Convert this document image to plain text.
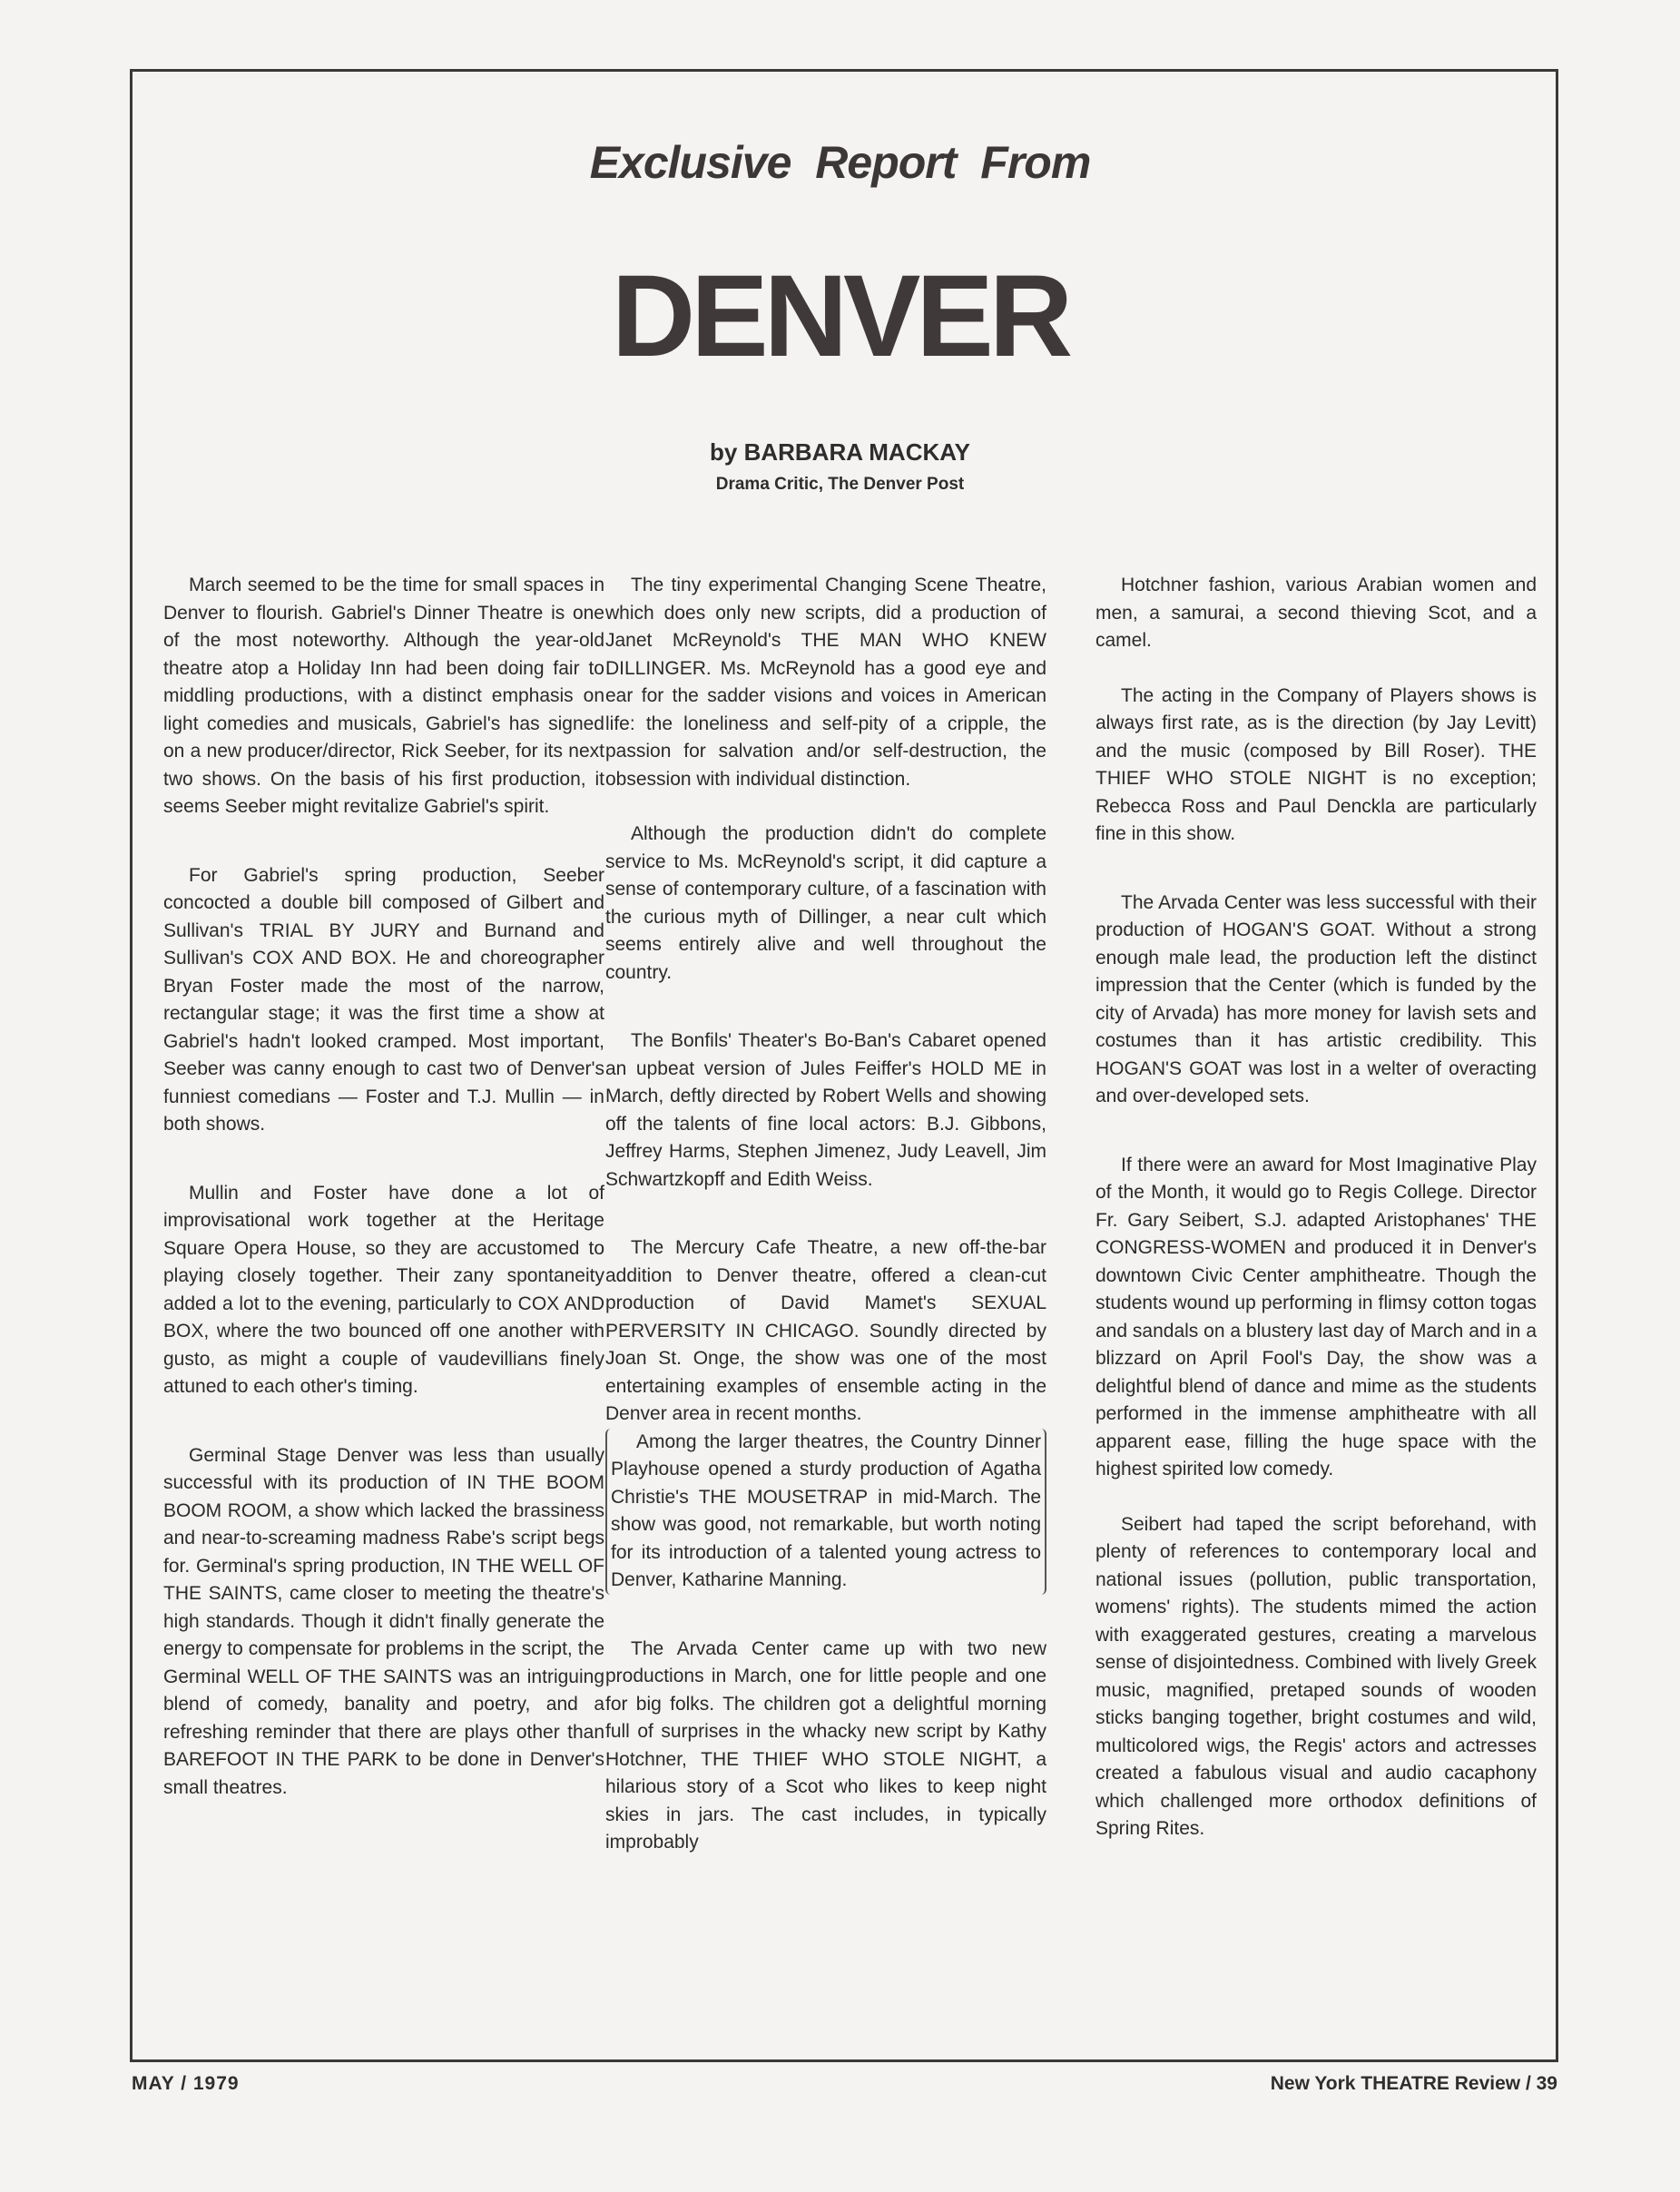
Exclusive Report From
DENVER
by BARBARA MACKAY
Drama Critic, The Denver Post

March seemed to be the time for small spaces in Denver to flourish. Gabriel's Dinner Theatre is one of the most noteworthy. Although the year-old theatre atop a Holiday Inn had been doing fair to middling productions, with a distinct emphasis on light comedies and musicals, Gabriel's has signed on a new producer/director, Rick Seeber, for its next two shows. On the basis of his first production, it seems Seeber might revitalize Gabriel's spirit.

For Gabriel's spring production, Seeber concocted a double bill composed of Gilbert and Sullivan's TRIAL BY JURY and Burnand and Sullivan's COX AND BOX. He and choreographer Bryan Foster made the most of the narrow, rectangular stage; it was the first time a show at Gabriel's hadn't looked cramped. Most important, Seeber was canny enough to cast two of Denver's funniest comedians — Foster and T.J. Mullin — in both shows.

Mullin and Foster have done a lot of improvisational work together at the Heritage Square Opera House, so they are accustomed to playing closely together. Their zany spontaneity added a lot to the evening, particularly to COX AND BOX, where the two bounced off one another with gusto, as might a couple of vaudevillians finely attuned to each other's timing.

Germinal Stage Denver was less than usually successful with its production of IN THE BOOM BOOM ROOM, a show which lacked the brassiness and near-to-screaming madness Rabe's script begs for. Germinal's spring production, IN THE WELL OF THE SAINTS, came closer to meeting the theatre's high standards. Though it didn't finally generate the energy to compensate for problems in the script, the Germinal WELL OF THE SAINTS was an intriguing blend of comedy, banality and poetry, and a refreshing reminder that there are plays other than BAREFOOT IN THE PARK to be done in Denver's small theatres.

The tiny experimental Changing Scene Theatre, which does only new scripts, did a production of Janet McReynold's THE MAN WHO KNEW DILLINGER. Ms. McReynold has a good eye and ear for the sadder visions and voices in American life: the loneliness and self-pity of a cripple, the passion for salvation and/or self-destruction, the obsession with individual distinction.

Although the production didn't do complete service to Ms. McReynold's script, it did capture a sense of contemporary culture, of a fascination with the curious myth of Dillinger, a near cult which seems entirely alive and well throughout the country.

The Bonfils' Theater's Bo-Ban's Cabaret opened an upbeat version of Jules Feiffer's HOLD ME in March, deftly directed by Robert Wells and showing off the talents of fine local actors: B.J. Gibbons, Jeffrey Harms, Stephen Jimenez, Judy Leavell, Jim Schwartzkopff and Edith Weiss.

The Mercury Cafe Theatre, a new off-the-bar addition to Denver theatre, offered a clean-cut production of David Mamet's SEXUAL PERVERSITY IN CHICAGO. Soundly directed by Joan St. Onge, the show was one of the most entertaining examples of ensemble acting in the Denver area in recent months.

Among the larger theatres, the Country Dinner Playhouse opened a sturdy production of Agatha Christie's THE MOUSETRAP in mid-March. The show was good, not remarkable, but worth noting for its introduction of a talented young actress to Denver, Katharine Manning.

The Arvada Center came up with two new productions in March, one for little people and one for big folks. The children got a delightful morning full of surprises in the whacky new script by Kathy Hotchner, THE THIEF WHO STOLE NIGHT, a hilarious story of a Scot who likes to keep night skies in jars. The cast includes, in typically improbably

Hotchner fashion, various Arabian women and men, a samurai, a second thieving Scot, and a camel.

The acting in the Company of Players shows is always first rate, as is the direction (by Jay Levitt) and the music (composed by Bill Roser). THE THIEF WHO STOLE NIGHT is no exception; Rebecca Ross and Paul Denckla are particularly fine in this show.

The Arvada Center was less successful with their production of HOGAN'S GOAT. Without a strong enough male lead, the production left the distinct impression that the Center (which is funded by the city of Arvada) has more money for lavish sets and costumes than it has artistic credibility. This HOGAN'S GOAT was lost in a welter of overacting and over-developed sets.

If there were an award for Most Imaginative Play of the Month, it would go to Regis College. Director Fr. Gary Seibert, S.J. adapted Aristophanes' THE CONGRESS-WOMEN and produced it in Denver's downtown Civic Center amphitheatre. Though the students wound up performing in flimsy cotton togas and sandals on a blustery last day of March and in a blizzard on April Fool's Day, the show was a delightful blend of dance and mime as the students performed in the immense amphitheatre with all apparent ease, filling the huge space with the highest spirited low comedy.

Seibert had taped the script beforehand, with plenty of references to contemporary local and national issues (pollution, public transportation, womens' rights). The students mimed the action with exaggerated gestures, creating a marvelous sense of disjointedness. Combined with lively Greek music, magnified, pretaped sounds of wooden sticks banging together, bright costumes and wild, multicolored wigs, the Regis' actors and actresses created a fabulous visual and audio cacaphony which challenged more orthodox definitions of Spring Rites.

MAY / 1979	New York THEATRE Review / 39
